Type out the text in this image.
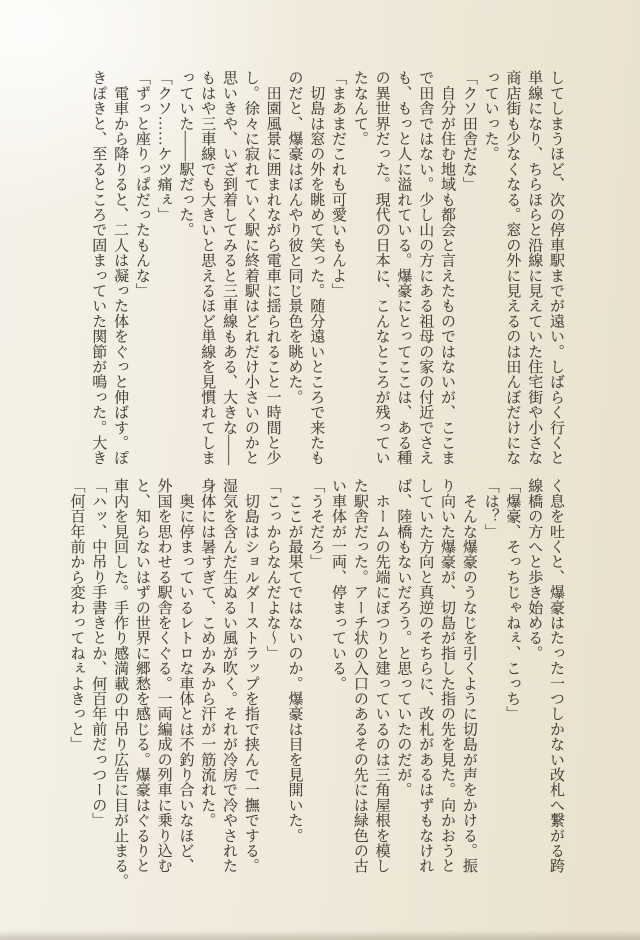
してしまうほど、次の停車駅までが遠い。しばらく行くと
単線になり、ちらほらと沿線に見えていた住宅街や小さな
商店街も少なくなる。窓の外に見えるのは田んぼだけにな
っていった。
「クソ田舎だな」
　自分が住む地域も都会と言えたものではないが、ここま
で田舎ではない。少し山の方にある祖母の家の付近でさえ
も、もっと人に溢れている。爆豪にとってここは、ある種
の異世界だった。現代の日本に、こんなところが残ってい
たなんて。
「まあまだこれも可愛いもんよ」
　切島は窓の外を眺めて笑った。随分遠いところで来たも
のだと、爆豪はぼんやり彼と同じ景色を眺めた。
　田園風景に囲まれながら電車に揺られること一時間と少
し。徐々に寂れていく駅に終着駅はどれだけ小さいのかと
思いきや、いざ到着してみると三車線もある、大きな――
もはや三車線でも大きいと思えるほど単線を見慣れてしま
っていた――駅だった。
「クソ……ケツ痛ぇ」
「ずっと座りっぱだったもんな」
　電車から降りると、二人は凝った体をぐっと伸ばす。ぽ
きぽきと、至るところで固まっていた関節が鳴った。大き
く息を吐くと、爆豪はたった一つしかない改札へ繋がる跨
線橋の方へと歩き始める。
「爆豪、そっちじゃねぇ、こっち」
「は？」
　そんな爆豪のうなじを引くように切島が声をかける。振
り向いた爆豪が、切島が指した指の先を見た。向かおうと
していた方向と真逆のそちらに、改札があるはずもなけれ
ば、陸橋もないだろう。と思っていたのだが。
　ホームの先端にぽつりと建っているのは三角屋根を模し
た駅舎だった。アーチ状の入口のあるその先には緑色の古
い車体が一両、停まっている。
「うそだろ」
　ここが最果てではないのか。爆豪は目を見開いた。
「こっからなんだよな〜」
　切島はショルダーストラップを指で挟んで一撫でする。
湿気を含んだ生ぬるい風が吹く。それが冷房で冷やされた
身体には暑すぎて、こめかみから汗が一筋流れた。
　奥に停まっているレトロな車体とは不釣り合いなほど、
外国を思わせる駅舎をくぐる。一両編成の列車に乗り込む
と、知らないはずの世界に郷愁を感じる。爆豪はぐるりと
車内を見回した。手作り感満載の中吊り広告に目が止まる。
「ハッ、中吊り手書きとか、何百年前だっつーの」
「何百年前から変わってねぇよきっと」
